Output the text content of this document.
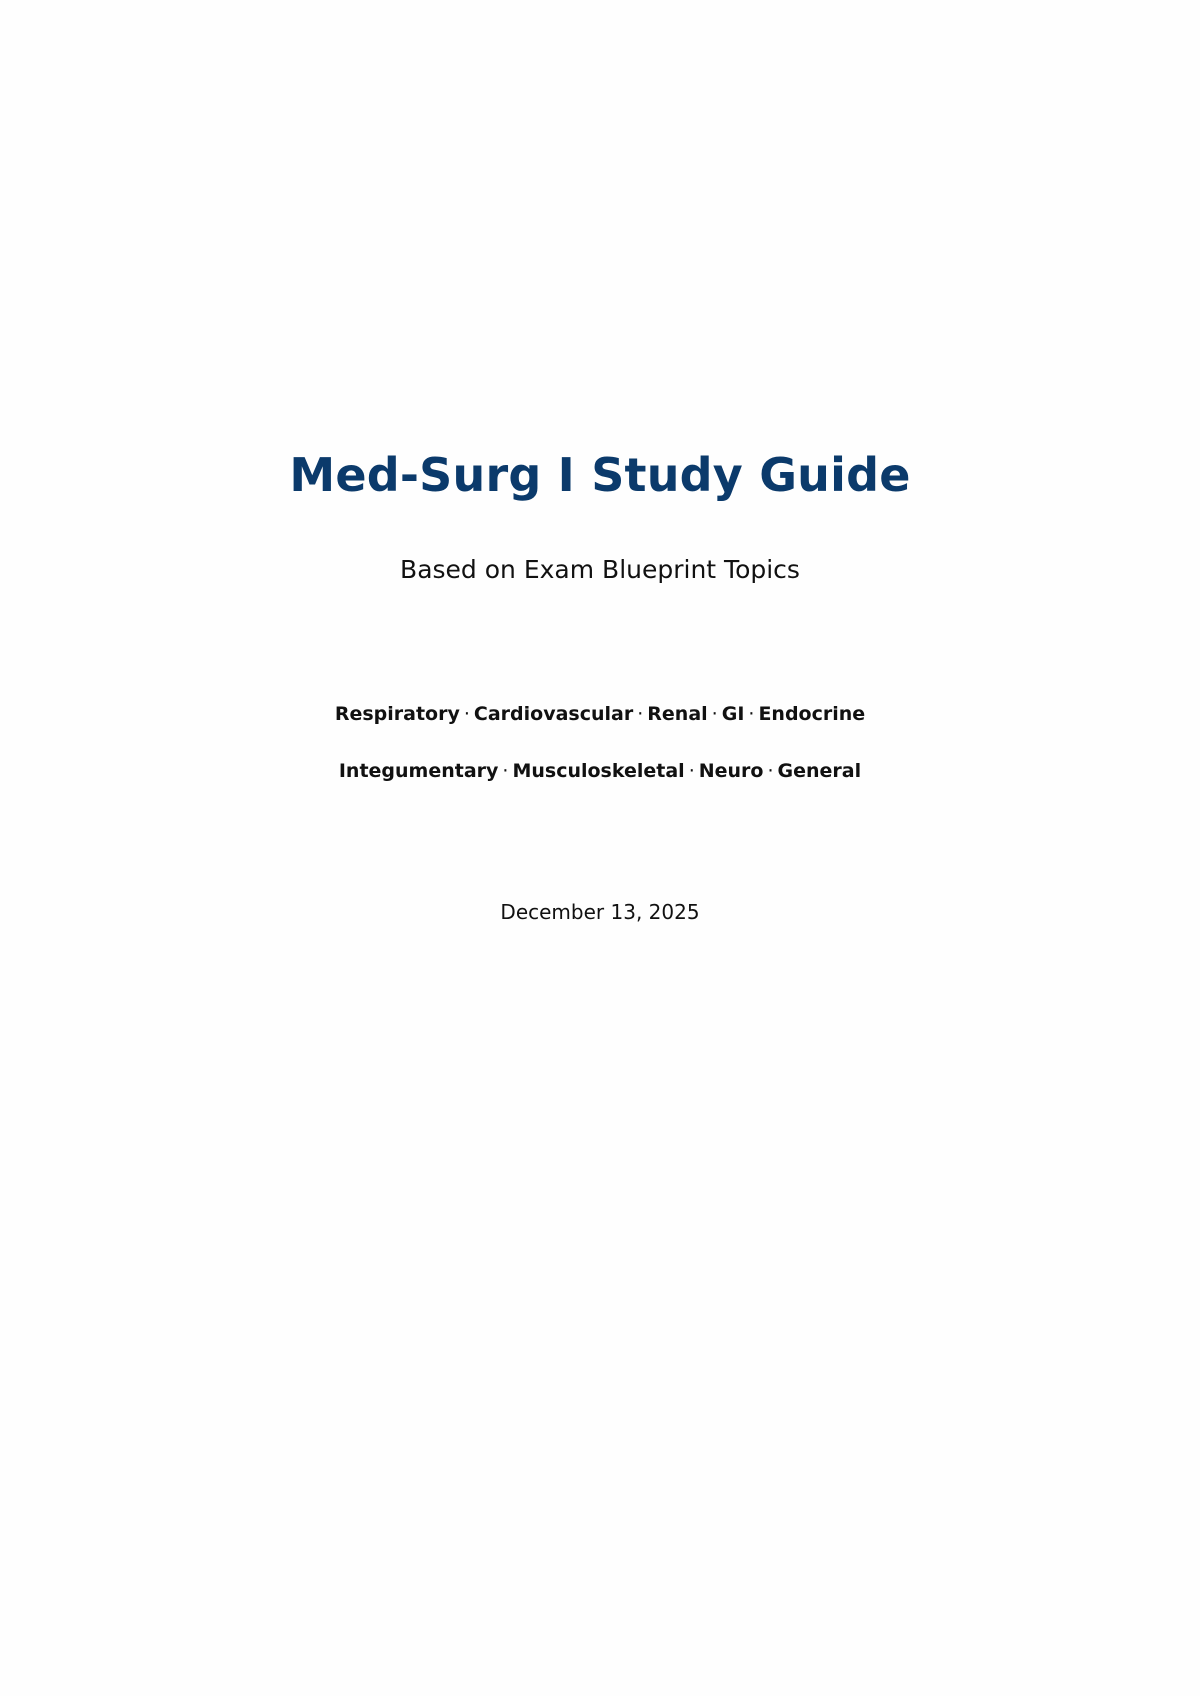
Med-Surg I Study Guide
Based on Exam Blueprint Topics
Respiratory · Cardiovascular · Renal · GI · Endocrine
Integumentary · Musculoskeletal · Neuro · General
December 13, 2025
